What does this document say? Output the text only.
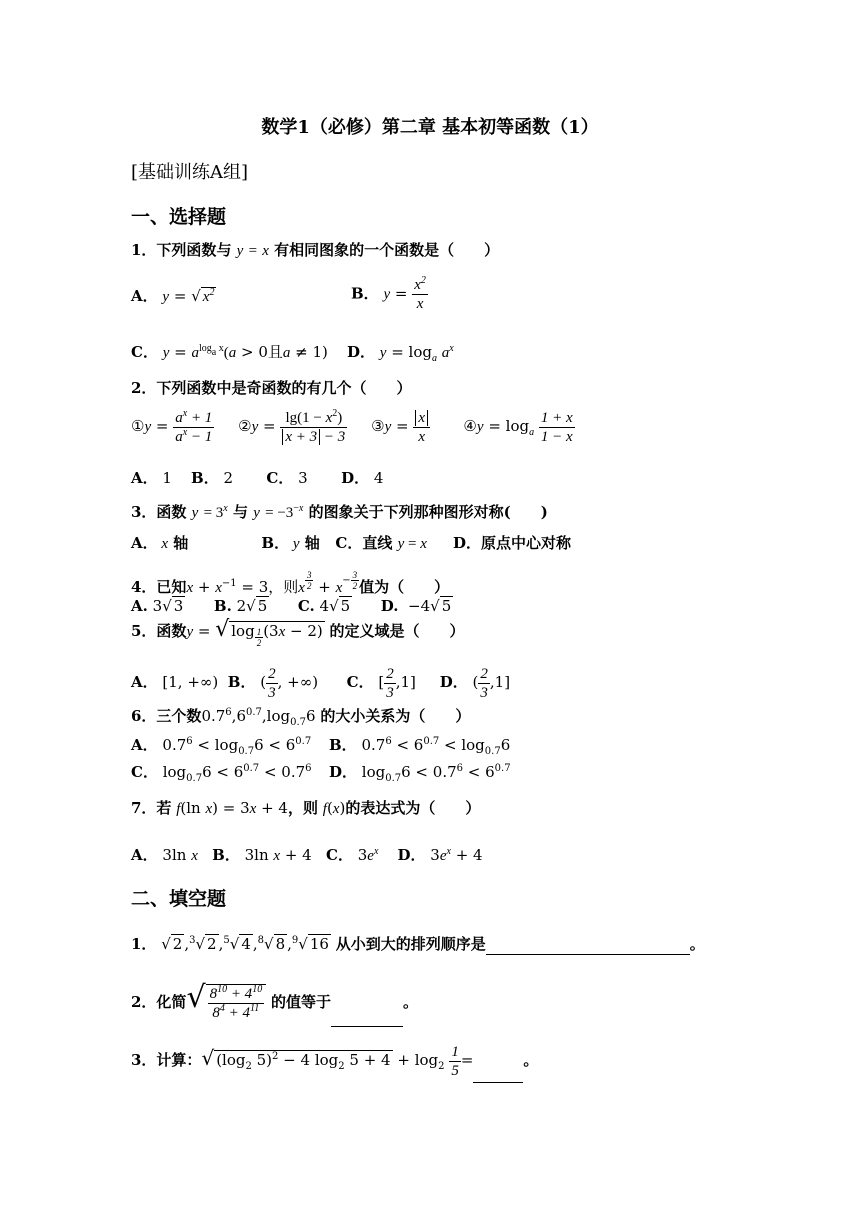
数学1（必修）第二章 基本初等函数（1）
[基础训练A组]
一、选择题
1．下列函数与 y = x 有相同图象的一个函数是（　　）
A． y = √ $x^2$	B． $y = \frac{x^2}{x}$
C． $y = a^{log_a x}(a > 0$且a ≠ 1)    D． $y = \log_a a^x$
2．下列函数中是奇函数的有几个（　　）
①y = $\frac{a^x + 1}{a^x - 1}$ ②y = $\frac{\lg(1 - x^2)}{x + 3 - 3}$ ③y = $\frac{x}{x}$ ④y = $\log_a \frac{1 + x}{1 - x}$
A． 1    B． 2       C． 3       D． 4
3．函数 $y = 3^x$ 与 $y = -3^{-x}$ 的图象关于下列那种图形对称(　　)
A． x 轴              B． y 轴   C．直线 y = x     D．原点中心对称
4．已知$x + x^{-1} = 3$，则x $^{\frac{3}{2}} + x^{- \frac{3}{2}}$ 值为（　　）
A. 3√ 3 B. 2√ 5 C. 4√ 5 D.  −4√ 5
5．函数y = √ log $_{\frac{1}{2}}$ (3x − 2) 的定义域是（　　）
A． [1, +∞)  B． ( $\frac{2}{3}$ , +∞)      C． [ $\frac{2}{3} ,1$]     D． ( $\frac{2}{3} ,1$]
6．三个数$0.7^6,6^{0.7},\log_{0.7}6$ 的大小关系为（　　）
A． $0.7^6 < \log_{0.7}6 < 6^{0.7}$ B． $0.7^6 < 6^{0.7} < \log_{0.7}6$
C． $\log_{0.7}6 < 6^{0.7} < 0.7^6$ D． $\log_{0.7}6 < 0.7^6 < 6^{0.7}$
7．若 f(ln x) = 3x + 4，则 f(x)的表达式为（　　）
A． 3ln x B． 3ln x + 4   C． $3e^x$ D． $3e^x + 4$
二、填空题
1． √ 2 ,$^3$√ 2 ,$^5$√ 4 ,$^8$√ 8 ,$^9$√ 16 从小到大的排列顺序是	。
2．化简√ $\frac{8^{10} + 4^{10}}{8^4 + 4^{11}}$ 的值等于	。
3．计算：√ ($\log_2$ 5)$^2$ − 4 $\log_2 5 + 4 + \log_2 \frac{1}{5}$ =	。
